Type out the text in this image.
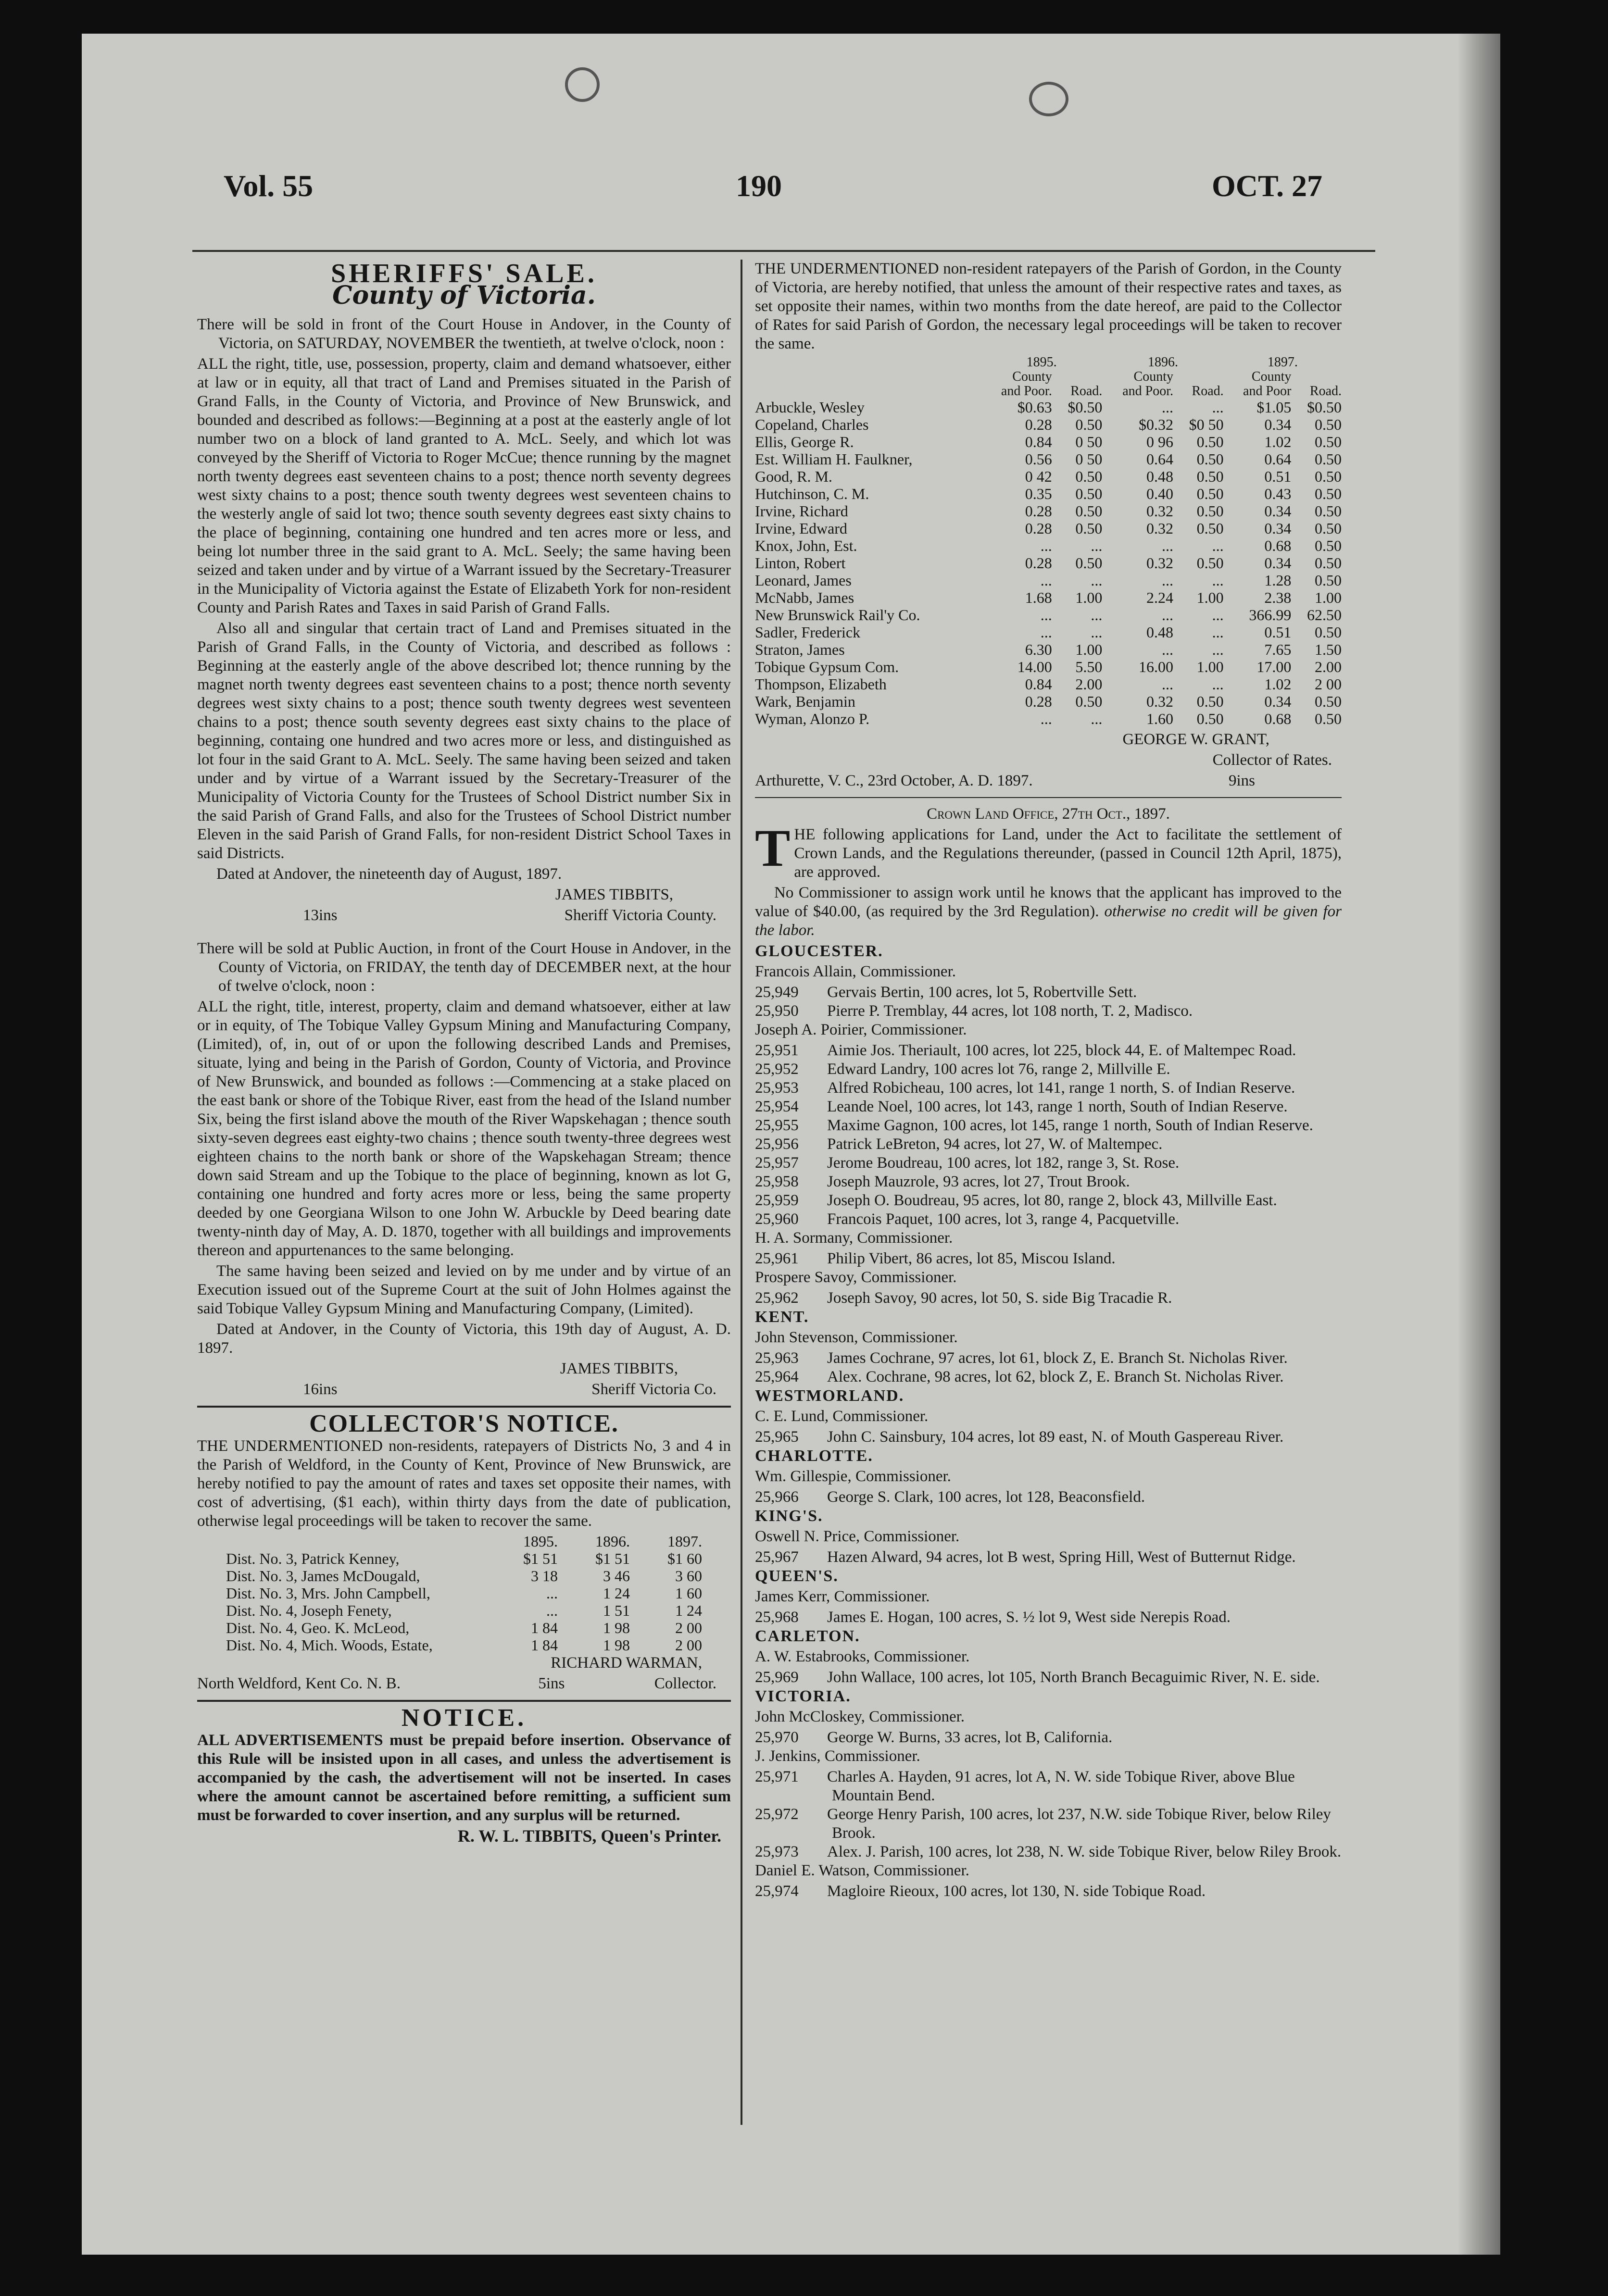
Vol. 55	190	OCT. 27
SHERIFFS' SALE.
County of Victoria.

There will be sold in front of the Court House in Andover, in the County of Victoria, on SATURDAY, NOVEMBER the twentieth, at twelve o'clock, noon :

ALL the right, title, use, possession, property, claim and demand whatsoever, either at law or in equity, all that tract of Land and Premises situated in the Parish of Grand Falls, in the County of Victoria, and Province of New Brunswick, and bounded and described as follows:—Beginning at a post at the easterly angle of lot number two on a block of land granted to A. McL. Seely, and which lot was conveyed by the Sheriff of Victoria to Roger McCue; thence running by the magnet north twenty degrees east seventeen chains to a post; thence north seventy degrees west sixty chains to a post; thence south twenty degrees west seventeen chains to the westerly angle of said lot two; thence south seventy degrees east sixty chains to the place of beginning, containing one hundred and ten acres more or less, and being lot number three in the said grant to A. McL. Seely; the same having been seized and taken under and by virtue of a Warrant issued by the Secretary-Treasurer in the Municipality of Victoria against the Estate of Elizabeth York for non-resident County and Parish Rates and Taxes in said Parish of Grand Falls.

Also all and singular that certain tract of Land and Premises situated in the Parish of Grand Falls, in the County of Victoria, and described as follows : Beginning at the easterly angle of the above described lot; thence running by the magnet north twenty degrees east seventeen chains to a post; thence north seventy degrees west sixty chains to a post; thence south twenty degrees west seventeen chains to a post; thence south seventy degrees east sixty chains to the place of beginning, containg one hundred and two acres more or less, and distinguished as lot four in the said Grant to A. McL. Seely. The same having been seized and taken under and by virtue of a Warrant issued by the Secretary-Treasurer of the Municipality of Victoria County for the Trustees of School District number Six in the said Parish of Grand Falls, and also for the Trustees of School District number Eleven in the said Parish of Grand Falls, for non-resident District School Taxes in said Districts.

Dated at Andover, the nineteenth day of August, 1897.

JAMES TIBBITS,

13ins	Sheriff Victoria County.

There will be sold at Public Auction, in front of the Court House in Andover, in the County of Victoria, on FRIDAY, the tenth day of DECEMBER next, at the hour of twelve o'clock, noon :

ALL the right, title, interest, property, claim and demand whatsoever, either at law or in equity, of The Tobique Valley Gypsum Mining and Manufacturing Company, (Limited), of, in, out of or upon the following described Lands and Premises, situate, lying and being in the Parish of Gordon, County of Victoria, and Province of New Brunswick, and bounded as follows :—Commencing at a stake placed on the east bank or shore of the Tobique River, east from the head of the Island number Six, being the first island above the mouth of the River Wapskehagan ; thence south sixty-seven degrees east eighty-two chains ; thence south twenty-three degrees west eighteen chains to the north bank or shore of the Wapskehagan Stream; thence down said Stream and up the Tobique to the place of beginning, known as lot G, containing one hundred and forty acres more or less, being the same property deeded by one Georgiana Wilson to one John W. Arbuckle by Deed bearing date twenty-ninth day of May, A. D. 1870, together with all buildings and improvements thereon and appurtenances to the same belonging.

The same having been seized and levied on by me under and by virtue of an Execution issued out of the Supreme Court at the suit of John Holmes against the said Tobique Valley Gypsum Mining and Manufacturing Company, (Limited).

Dated at Andover, in the County of Victoria, this 19th day of August, A. D. 1897.

JAMES TIBBITS,

16ins	Sheriff Victoria Co.
COLLECTOR'S NOTICE.

THE UNDERMENTIONED non-residents, ratepayers of Districts No, 3 and 4 in the Parish of Weldford, in the County of Kent, Province of New Brunswick, are hereby notified to pay the amount of rates and taxes set opposite their names, with cost of advertising, ($1 each), within thirty days from the date of publication, otherwise legal proceedings will be taken to recover the same.

	1895.	1896.	1897.
Dist. No. 3, Patrick Kenney,	$1 51	$1 51	$1 60
Dist. No. 3, James McDougald,	3 18	3 46	3 60
Dist. No. 3, Mrs. John Campbell,	...	1 24	1 60
Dist. No. 4, Joseph Fenety,	...	1 51	1 24
Dist. No. 4, Geo. K. McLeod,	1 84	1 98	2 00
Dist. No. 4, Mich. Woods, Estate,	1 84	1 98	2 00

RICHARD WARMAN,

North Weldford, Kent Co. N. B.	5ins	Collector.
NOTICE.

ALL ADVERTISEMENTS must be prepaid before insertion. Observance of this Rule will be insisted upon in all cases, and unless the advertisement is accompanied by the cash, the advertisement will not be inserted. In cases where the amount cannot be ascertained before remitting, a sufficient sum must be forwarded to cover insertion, and any surplus will be returned.

R. W. L. TIBBITS, Queen's Printer.

THE UNDERMENTIONED non-resident ratepayers of the Parish of Gordon, in the County of Victoria, are hereby notified, that unless the amount of their respective rates and taxes, as set opposite their names, within two months from the date hereof, are paid to the Collector of Rates for said Parish of Gordon, the necessary legal proceedings will be taken to recover the same.

	1895.		1896.		1897.	
	County		County		County	
	and Poor.	Road.	and Poor.	Road.	and Poor	Road.
Arbuckle, Wesley	$0.63	$0.50	...	...	$1.05	$0.50
Copeland, Charles	0.28	0.50	$0.32	$0 50	0.34	0.50
Ellis, George R.	0.84	0 50	0 96	0.50	1.02	0.50
Est. William H. Faulkner,	0.56	0 50	0.64	0.50	0.64	0.50
Good, R. M.	0 42	0.50	0.48	0.50	0.51	0.50
Hutchinson, C. M.	0.35	0.50	0.40	0.50	0.43	0.50
Irvine, Richard	0.28	0.50	0.32	0.50	0.34	0.50
Irvine, Edward	0.28	0.50	0.32	0.50	0.34	0.50
Knox, John, Est.	...	...	...	...	0.68	0.50
Linton, Robert	0.28	0.50	0.32	0.50	0.34	0.50
Leonard, James	...	...	...	...	1.28	0.50
McNabb, James	1.68	1.00	2.24	1.00	2.38	1.00
New Brunswick Rail'y Co.	...	...	...	...	366.99	62.50
Sadler, Frederick	...	...	0.48	...	0.51	0.50
Straton, James	6.30	1.00	...	...	7.65	1.50
Tobique Gypsum Com.	14.00	5.50	16.00	1.00	17.00	2.00
Thompson, Elizabeth	0.84	2.00	...	...	1.02	2 00
Wark, Benjamin	0.28	0.50	0.32	0.50	0.34	0.50
Wyman, Alonzo P.	...	...	1.60	0.50	0.68	0.50

GEORGE W. GRANT,

Collector of Rates.

Arthurette, V. C., 23rd October, A. D. 1897.	9ins

Crown Land Office, 27th Oct., 1897.

THE following applications for Land, under the Act to facilitate the settlement of Crown Lands, and the Regulations thereunder, (passed in Council 12th April, 1875), are approved.

No Commissioner to assign work until he knows that the applicant has improved to the value of $40.00, (as required by the 3rd Regulation). otherwise no credit will be given for the labor.

GLOUCESTER.

Francois Allain, Commissioner.

25,949	Gervais Bertin, 100 acres, lot 5, Robertville Sett.
25,950	Pierre P. Tremblay, 44 acres, lot 108 north, T. 2, Madisco.

Joseph A. Poirier, Commissioner.

25,951	Aimie Jos. Theriault, 100 acres, lot 225, block 44, E. of Maltempec Road.
25,952	Edward Landry, 100 acres lot 76, range 2, Millville E.
25,953	Alfred Robicheau, 100 acres, lot 141, range 1 north, S. of Indian Reserve.
25,954	Leande Noel, 100 acres, lot 143, range 1 north, South of Indian Reserve.
25,955	Maxime Gagnon, 100 acres, lot 145, range 1 north, South of Indian Reserve.
25,956	Patrick LeBreton, 94 acres, lot 27, W. of Maltempec.
25,957	Jerome Boudreau, 100 acres, lot 182, range 3, St. Rose.
25,958	Joseph Mauzrole, 93 acres, lot 27, Trout Brook.
25,959	Joseph O. Boudreau, 95 acres, lot 80, range 2, block 43, Millville East.
25,960	Francois Paquet, 100 acres, lot 3, range 4, Pacquetville.

H. A. Sormany, Commissioner.

25,961	Philip Vibert, 86 acres, lot 85, Miscou Island.

Prospere Savoy, Commissioner.

25,962	Joseph Savoy, 90 acres, lot 50, S. side Big Tracadie R.

KENT.

John Stevenson, Commissioner.

25,963	James Cochrane, 97 acres, lot 61, block Z, E. Branch St. Nicholas River.
25,964	Alex. Cochrane, 98 acres, lot 62, block Z, E. Branch St. Nicholas River.

WESTMORLAND.

C. E. Lund, Commissioner.

25,965	John C. Sainsbury, 104 acres, lot 89 east, N. of Mouth Gaspereau River.

CHARLOTTE.

Wm. Gillespie, Commissioner.

25,966	George S. Clark, 100 acres, lot 128, Beaconsfield.

KING'S.

Oswell N. Price, Commissioner.

25,967	Hazen Alward, 94 acres, lot B west, Spring Hill, West of Butternut Ridge.

QUEEN'S.

James Kerr, Commissioner.

25,968	James E. Hogan, 100 acres, S. ½ lot 9, West side Nerepis Road.

CARLETON.

A. W. Estabrooks, Commissioner.

25,969	John Wallace, 100 acres, lot 105, North Branch Becaguimic River, N. E. side.

VICTORIA.

John McCloskey, Commissioner.

25,970	George W. Burns, 33 acres, lot B, California.

J. Jenkins, Commissioner.

25,971	Charles A. Hayden, 91 acres, lot A, N. W. side Tobique River, above Blue Mountain Bend.
25,972	George Henry Parish, 100 acres, lot 237, N.W. side Tobique River, below Riley Brook.
25,973	Alex. J. Parish, 100 acres, lot 238, N. W. side Tobique River, below Riley Brook.

Daniel E. Watson, Commissioner.

25,974	Magloire Rieoux, 100 acres, lot 130, N. side Tobique Road.
